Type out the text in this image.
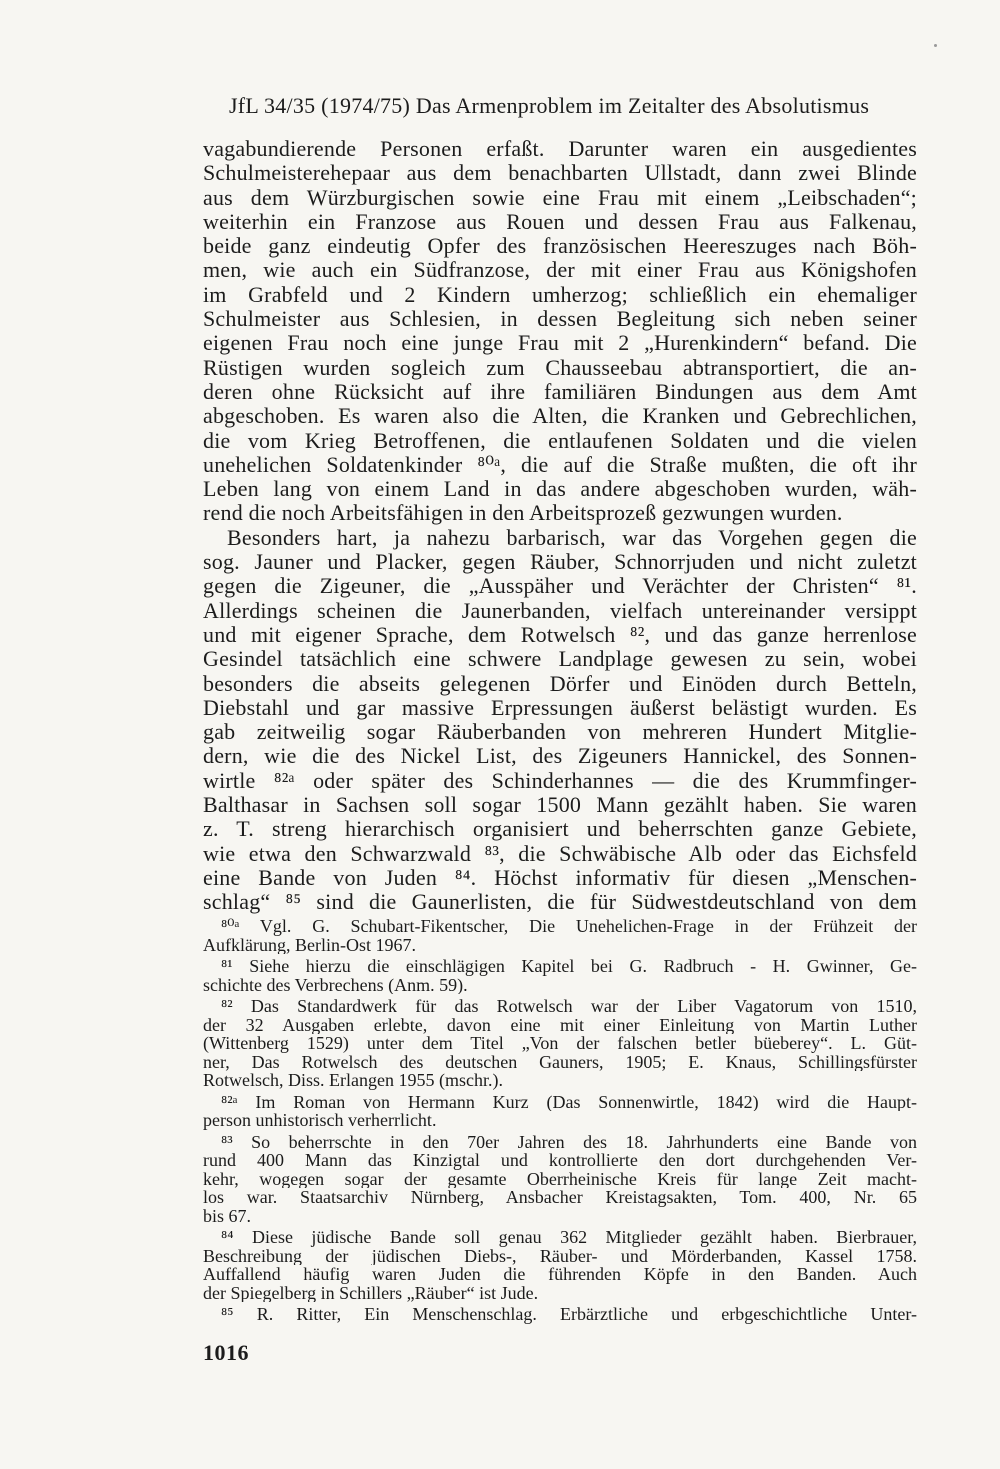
JfL 34/35 (1974/75) Das Armenproblem im Zeitalter des Absolutismus
vagabundierende Personen erfaßt. Darunter waren ein ausgedientes
Schulmeisterehepaar aus dem benachbarten Ullstadt, dann zwei Blinde
aus dem Würzburgischen sowie eine Frau mit einem „Leibschaden“;
weiterhin ein Franzose aus Rouen und dessen Frau aus Falkenau,
beide ganz eindeutig Opfer des französischen Heereszuges nach Böh-
men, wie auch ein Südfranzose, der mit einer Frau aus Königshofen
im Grabfeld und 2 Kindern umherzog; schließlich ein ehemaliger
Schulmeister aus Schlesien, in dessen Begleitung sich neben seiner
eigenen Frau noch eine junge Frau mit 2 „Hurenkindern“ befand. Die
Rüstigen wurden sogleich zum Chausseebau abtransportiert, die an-
deren ohne Rücksicht auf ihre familiären Bindungen aus dem Amt
abgeschoben. Es waren also die Alten, die Kranken und Gebrechlichen,
die vom Krieg Betroffenen, die entlaufenen Soldaten und die vielen
unehelichen Soldatenkinder ⁸⁰ᵃ, die auf die Straße mußten, die oft ihr
Leben lang von einem Land in das andere abgeschoben wurden, wäh-
rend die noch Arbeitsfähigen in den Arbeitsprozeß gezwungen wurden.
Besonders hart, ja nahezu barbarisch, war das Vorgehen gegen die
sog. Jauner und Placker, gegen Räuber, Schnorrjuden und nicht zuletzt
gegen die Zigeuner, die „Ausspäher und Verächter der Christen“ ⁸¹.
Allerdings scheinen die Jaunerbanden, vielfach untereinander versippt
und mit eigener Sprache, dem Rotwelsch ⁸², und das ganze herrenlose
Gesindel tatsächlich eine schwere Landplage gewesen zu sein, wobei
besonders die abseits gelegenen Dörfer und Einöden durch Betteln,
Diebstahl und gar massive Erpressungen äußerst belästigt wurden. Es
gab zeitweilig sogar Räuberbanden von mehreren Hundert Mitglie-
dern, wie die des Nickel List, des Zigeuners Hannickel, des Sonnen-
wirtle ⁸²ᵃ oder später des Schinderhannes — die des Krummfinger-
Balthasar in Sachsen soll sogar 1500 Mann gezählt haben. Sie waren
z. T. streng hierarchisch organisiert und beherrschten ganze Gebiete,
wie etwa den Schwarzwald ⁸³, die Schwäbische Alb oder das Eichsfeld
eine Bande von Juden ⁸⁴. Höchst informativ für diesen „Menschen-
schlag“ ⁸⁵ sind die Gaunerlisten, die für Südwestdeutschland von dem
⁸⁰ᵃ Vgl. G. Schubart-Fikentscher, Die Unehelichen-Frage in der Frühzeit der
Aufklärung, Berlin-Ost 1967.
⁸¹ Siehe hierzu die einschlägigen Kapitel bei G. Radbruch - H. Gwinner, Ge-
schichte des Verbrechens (Anm. 59).
⁸² Das Standardwerk für das Rotwelsch war der Liber Vagatorum von 1510,
der 32 Ausgaben erlebte, davon eine mit einer Einleitung von Martin Luther
(Wittenberg 1529) unter dem Titel „Von der falschen betler büeberey“. L. Güt-
ner, Das Rotwelsch des deutschen Gauners, 1905; E. Knaus, Schillingsfürster
Rotwelsch, Diss. Erlangen 1955 (mschr.).
⁸²ᵃ Im Roman von Hermann Kurz (Das Sonnenwirtle, 1842) wird die Haupt-
person unhistorisch verherrlicht.
⁸³ So beherrschte in den 70er Jahren des 18. Jahrhunderts eine Bande von
rund 400 Mann das Kinzigtal und kontrollierte den dort durchgehenden Ver-
kehr, wogegen sogar der gesamte Oberrheinische Kreis für lange Zeit macht-
los war. Staatsarchiv Nürnberg, Ansbacher Kreistagsakten, Tom. 400, Nr. 65
bis 67.
⁸⁴ Diese jüdische Bande soll genau 362 Mitglieder gezählt haben. Bierbrauer,
Beschreibung der jüdischen Diebs-, Räuber- und Mörderbanden, Kassel 1758.
Auffallend häufig waren Juden die führenden Köpfe in den Banden. Auch
der Spiegelberg in Schillers „Räuber“ ist Jude.
⁸⁵ R. Ritter, Ein Menschenschlag. Erbärztliche und erbgeschichtliche Unter-
1016
